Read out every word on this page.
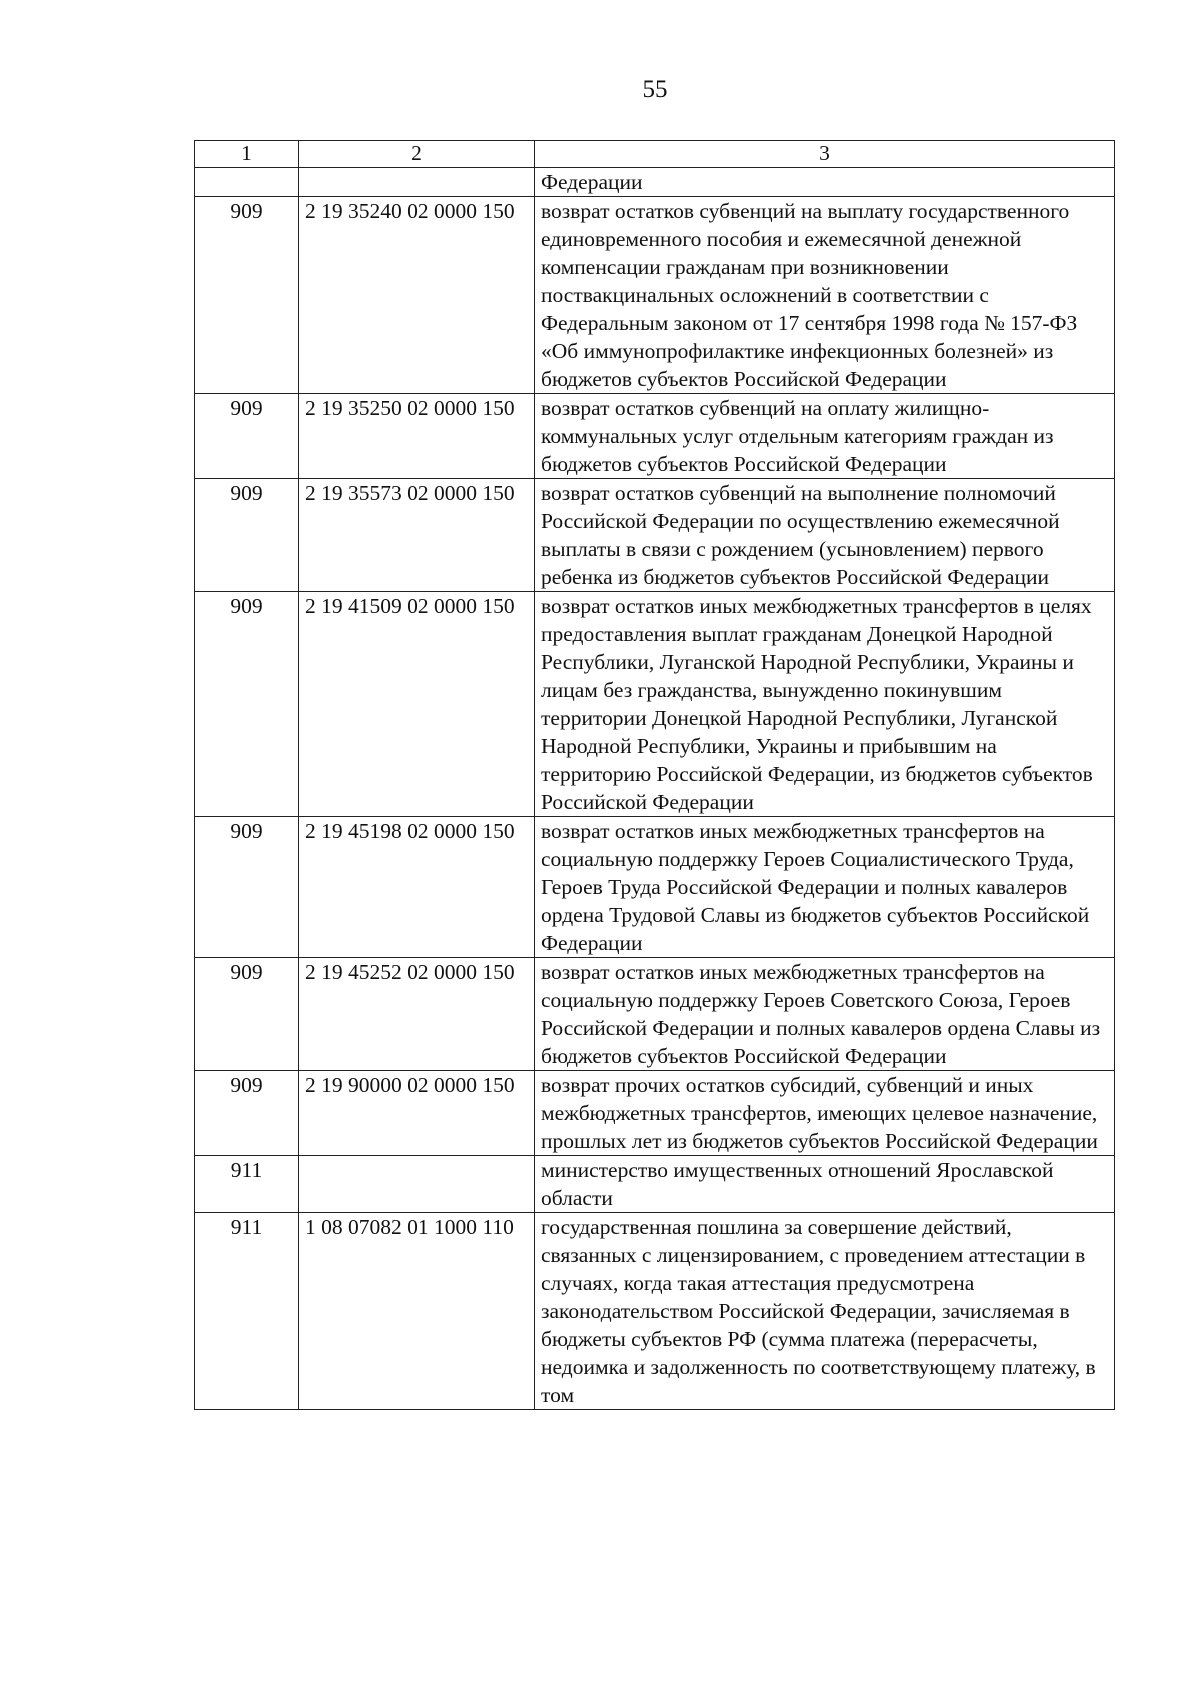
55
1	2	3
		Федерации
909	2 19 35240 02 0000 150	возврат остатков субвенций на выплату государственного единовременного пособия и ежемесячной денежной компенсации гражданам при возникновении поствакцинальных осложнений в соответствии с Федеральным законом от 17 сентября 1998 года № 157-ФЗ «Об иммунопрофилактике инфекционных болезней» из бюджетов субъектов Российской Федерации
909	2 19 35250 02 0000 150	возврат остатков субвенций на оплату жилищно-коммунальных услуг отдельным категориям граждан из бюджетов субъектов Российской Федерации
909	2 19 35573 02 0000 150	возврат остатков субвенций на выполнение полномочий Российской Федерации по осуществлению ежемесячной выплаты в связи с рождением (усыновлением) первого ребенка из бюджетов субъектов Российской Федерации
909	2 19 41509 02 0000 150	возврат остатков иных межбюджетных трансфертов в целях предоставления выплат гражданам Донецкой Народной Республики, Луганской Народной Республики, Украины и лицам без гражданства, вынужденно покинувшим территории Донецкой Народной Республики, Луганской Народной Республики, Украины и прибывшим на территорию Российской Федерации, из бюджетов субъектов Российской Федерации
909	2 19 45198 02 0000 150	возврат остатков иных межбюджетных трансфертов на социальную поддержку Героев Социалистического Труда, Героев Труда Российской Федерации и полных кавалеров ордена Трудовой Славы из бюджетов субъектов Российской Федерации
909	2 19 45252 02 0000 150	возврат остатков иных межбюджетных трансфертов на социальную поддержку Героев Советского Союза, Героев Российской Федерации и полных кавалеров ордена Славы из бюджетов субъектов Российской Федерации
909	2 19 90000 02 0000 150	возврат прочих остатков субсидий, субвенций и иных межбюджетных трансфертов, имеющих целевое назначение, прошлых лет из бюджетов субъектов Российской Федерации
911		министерство имущественных отношений Ярославской области
911	1 08 07082 01 1000 110	государственная пошлина за совершение действий, связанных с лицензированием, с проведением аттестации в случаях, когда такая аттестация предусмотрена законодательством Российской Федерации, зачисляемая в бюджеты субъектов РФ (сумма платежа (перерасчеты, недоимка и задолженность по соответствующему платежу, в том
